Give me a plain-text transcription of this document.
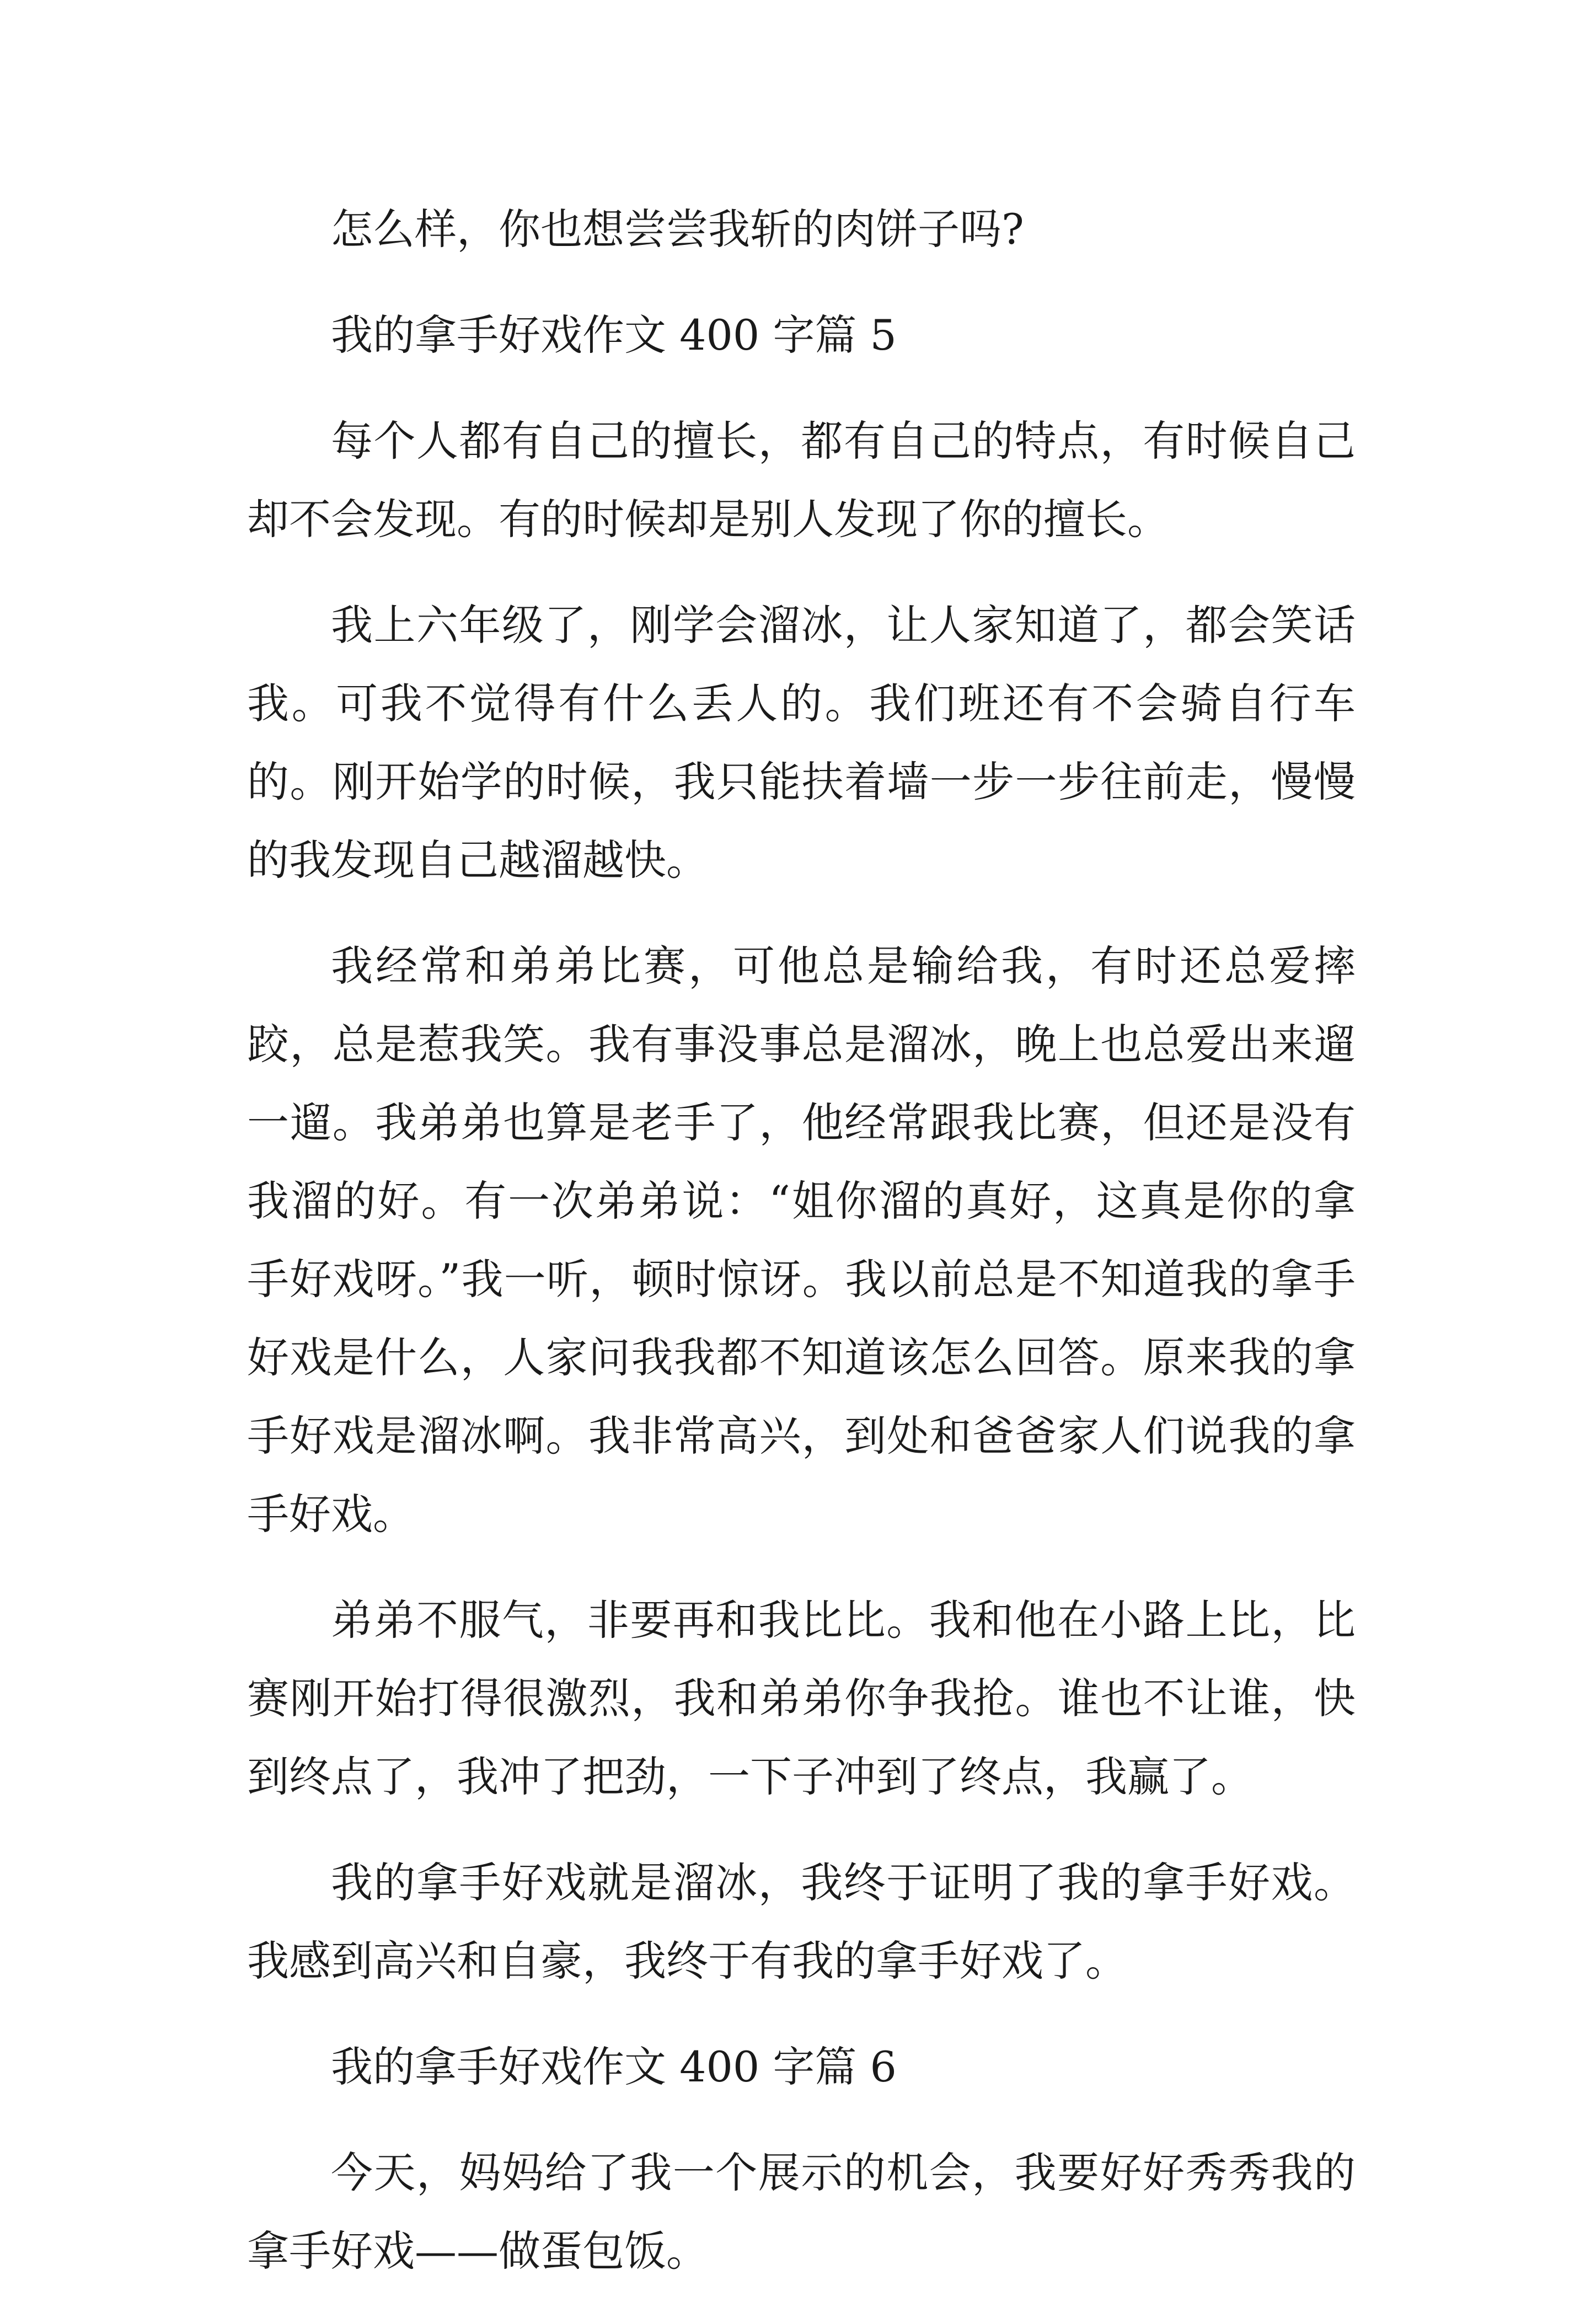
怎么样，你也想尝尝我斩的肉饼子吗?

我的拿手好戏作文 400 字篇 5

每个人都有自己的擅长，都有自己的特点，有时候自己却不会发现。有的时候却是别人发现了你的擅长。

我上六年级了，刚学会溜冰，让人家知道了，都会笑话我。可我不觉得有什么丢人的。我们班还有不会骑自行车的。刚开始学的时候，我只能扶着墙一步一步往前走，慢慢的我发现自己越溜越快。

我经常和弟弟比赛，可他总是输给我，有时还总爱摔跤，总是惹我笑。我有事没事总是溜冰，晚上也总爱出来遛一遛。我弟弟也算是老手了，他经常跟我比赛，但还是没有我溜的好。有一次弟弟说：“姐你溜的真好，这真是你的拿手好戏呀。”我一听，顿时惊讶。我以前总是不知道我的拿手好戏是什么，人家问我我都不知道该怎么回答。原来我的拿手好戏是溜冰啊。我非常高兴，到处和爸爸家人们说我的拿手好戏。

弟弟不服气，非要再和我比比。我和他在小路上比，比赛刚开始打得很激烈，我和弟弟你争我抢。谁也不让谁，快到终点了，我冲了把劲，一下子冲到了终点，我赢了。

我的拿手好戏就是溜冰，我终于证明了我的拿手好戏。我感到高兴和自豪，我终于有我的拿手好戏了。

我的拿手好戏作文 400 字篇 6

今天，妈妈给了我一个展示的机会，我要好好秀秀我的拿手好戏——做蛋包饭。
